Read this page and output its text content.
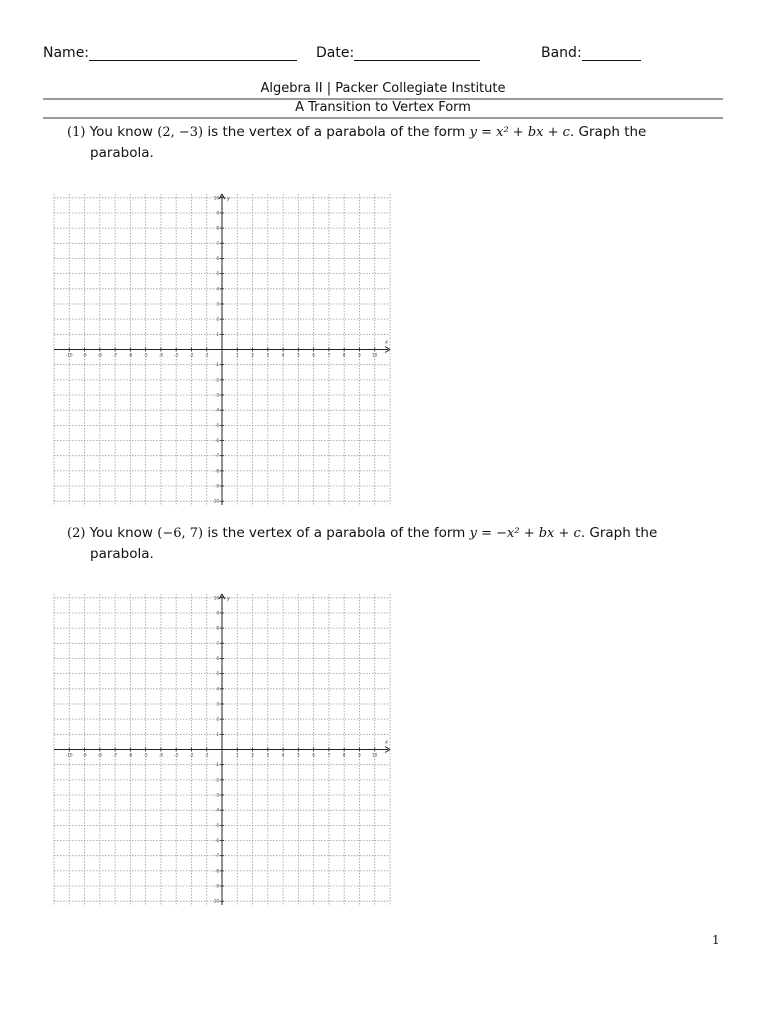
Name:	Date:	Band:
Algebra II | Packer Collegiate Institute
A Transition to Vertex Form
(1) You know (2, −3) is the vertex of a parabola of the form y = x² + bx + c. Graph the
parabola.
x
y
-10 -9	-8	-7	-6	-5	-4	-3	-2	-1	1	2	3	4	5	6	7	8	9	10
10
9
8
7
6
5
4
3
2
1
-1
-2
-3
-4
-5
-6
-7
-8
-9
-10
(2) You know (−6, 7) is the vertex of a parabola of the form y = −x² + bx + c. Graph the
parabola.
x
y
-10 -9	-8	-7	-6	-5	-4	-3	-2	-1	1	2	3	4	5	6	7	8	9	10
10
9
8
7
6
5
4
3
2
1
-1
-2
-3
-4
-5
-6
-7
-8
-9
-10
1
